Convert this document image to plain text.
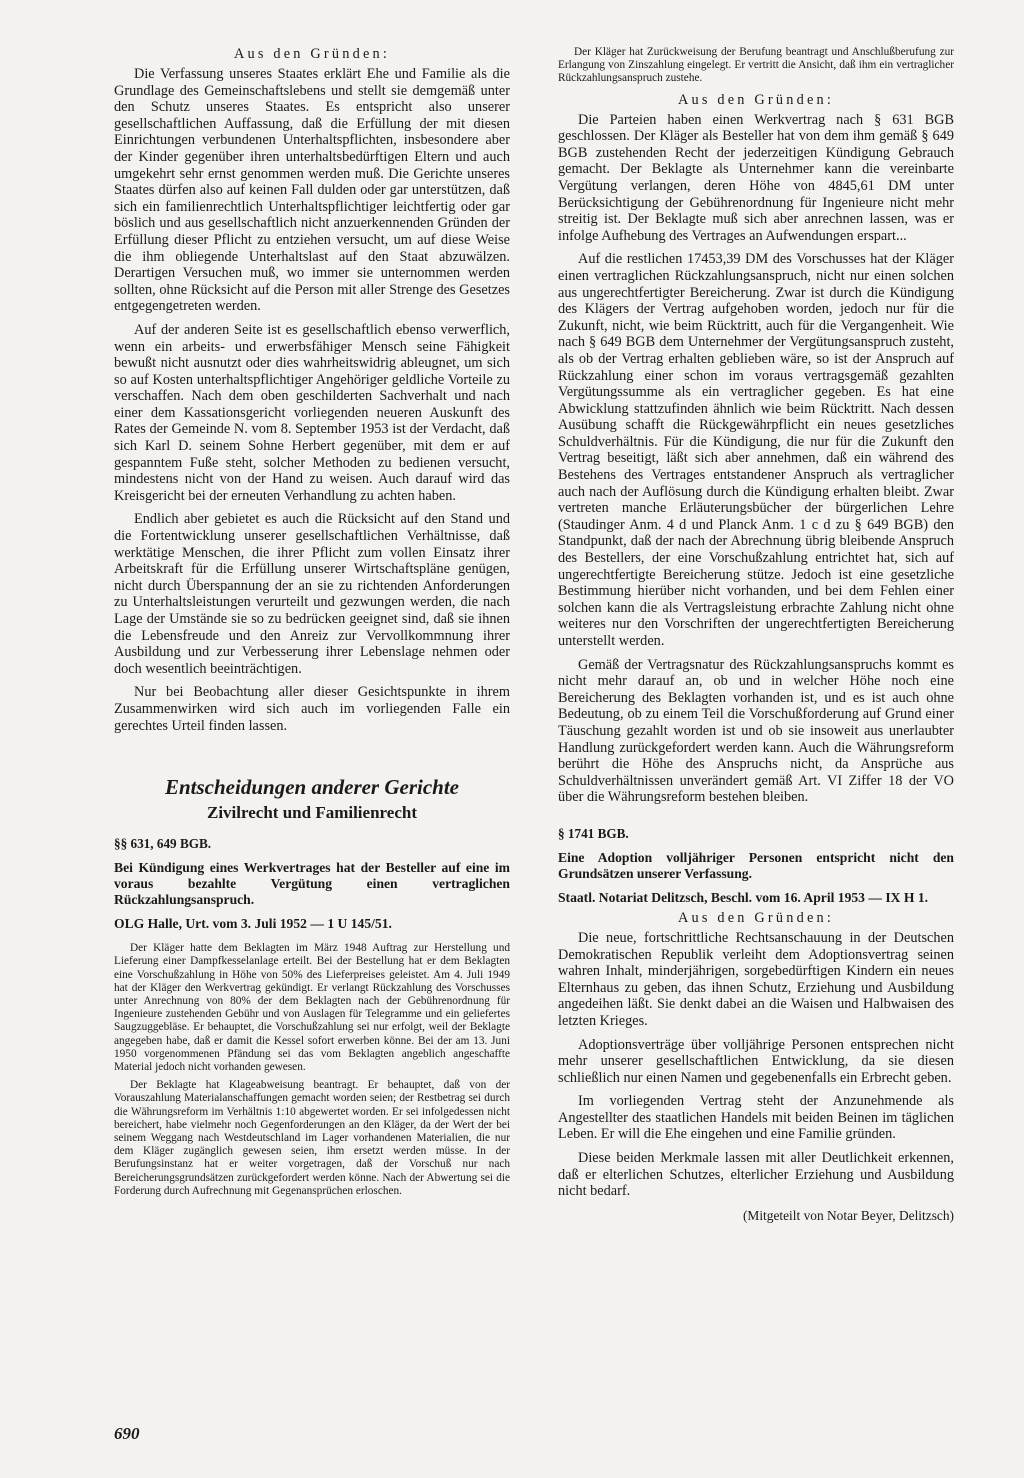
Aus den Gründen:

Die Verfassung unseres Staates erklärt Ehe und Familie als die Grundlage des Gemeinschaftslebens und stellt sie demgemäß unter den Schutz unseres Staates. Es entspricht also unserer gesellschaftlichen Auffassung, daß die Erfüllung der mit diesen Einrichtungen verbundenen Unterhaltspflichten, insbesondere aber der Kinder gegenüber ihren unterhaltsbedürftigen Eltern und auch umgekehrt sehr ernst genommen werden muß. Die Gerichte unseres Staates dürfen also auf keinen Fall dulden oder gar unterstützen, daß sich ein familienrechtlich Unterhaltspflichtiger leichtfertig oder gar böslich und aus gesellschaftlich nicht anzuerkennenden Gründen der Erfüllung dieser Pflicht zu entziehen versucht, um auf diese Weise die ihm obliegende Unterhaltslast auf den Staat abzuwälzen. Derartigen Versuchen muß, wo immer sie unternommen werden sollten, ohne Rücksicht auf die Person mit aller Strenge des Gesetzes entgegengetreten werden.

Auf der anderen Seite ist es gesellschaftlich ebenso verwerflich, wenn ein arbeits- und erwerbsfähiger Mensch seine Fähigkeit bewußt nicht ausnutzt oder dies wahrheitswidrig ableugnet, um sich so auf Kosten unterhaltspflichtiger Angehöriger geldliche Vorteile zu verschaffen. Nach dem oben geschilderten Sachverhalt und nach einer dem Kassationsgericht vorliegenden neueren Auskunft des Rates der Gemeinde N. vom 8. September 1953 ist der Verdacht, daß sich Karl D. seinem Sohne Herbert gegenüber, mit dem er auf gespanntem Fuße steht, solcher Methoden zu bedienen versucht, mindestens nicht von der Hand zu weisen. Auch darauf wird das Kreisgericht bei der erneuten Verhandlung zu achten haben.

Endlich aber gebietet es auch die Rücksicht auf den Stand und die Fortentwicklung unserer gesellschaftlichen Verhältnisse, daß werktätige Menschen, die ihrer Pflicht zum vollen Einsatz ihrer Arbeitskraft für die Erfüllung unserer Wirtschaftspläne genügen, nicht durch Überspannung der an sie zu richtenden Anforderungen zu Unterhaltsleistungen verurteilt und gezwungen werden, die nach Lage der Umstände sie so zu bedrücken geeignet sind, daß sie ihnen die Lebensfreude und den Anreiz zur Vervollkommnung ihrer Ausbildung und zur Verbesserung ihrer Lebenslage nehmen oder doch wesentlich beeinträchtigen.

Nur bei Beobachtung aller dieser Gesichtspunkte in ihrem Zusammenwirken wird sich auch im vorliegenden Falle ein gerechtes Urteil finden lassen.

Entscheidungen anderer Gerichte
Zivilrecht und Familienrecht

§§ 631, 649 BGB.

Bei Kündigung eines Werkvertrages hat der Besteller auf eine im voraus bezahlte Vergütung einen vertraglichen Rückzahlungsanspruch.

OLG Halle, Urt. vom 3. Juli 1952 — 1 U 145/51.

Der Kläger hatte dem Beklagten im März 1948 Auftrag zur Herstellung und Lieferung einer Dampfkesselanlage erteilt. Bei der Bestellung hat er dem Beklagten eine Vorschußzahlung in Höhe von 50% des Lieferpreises geleistet. Am 4. Juli 1949 hat der Kläger den Werkvertrag gekündigt. Er verlangt Rückzahlung des Vorschusses unter Anrechnung von 80% der dem Beklagten nach der Gebührenordnung für Ingenieure zustehenden Gebühr und von Auslagen für Telegramme und ein geliefertes Saugzuggebläse. Er behauptet, die Vorschußzahlung sei nur erfolgt, weil der Beklagte angegeben habe, daß er damit die Kessel sofort erwerben könne. Bei der am 13. Juni 1950 vorgenommenen Pfändung sei das vom Beklagten angeblich angeschaffte Material jedoch nicht vorhanden gewesen.

Der Beklagte hat Klageabweisung beantragt. Er behauptet, daß von der Vorauszahlung Materialanschaffungen gemacht worden seien; der Restbetrag sei durch die Währungsreform im Verhältnis 1:10 abgewertet worden. Er sei infolgedessen nicht bereichert, habe vielmehr noch Gegenforderungen an den Kläger, da der Wert der bei seinem Weggang nach Westdeutschland im Lager vorhandenen Materialien, die nur dem Kläger zugänglich gewesen seien, ihm ersetzt werden müsse. In der Berufungsinstanz hat er weiter vorgetragen, daß der Vorschuß nur nach Bereicherungsgrundsätzen zurückgefordert werden könne. Nach der Abwertung sei die Forderung durch Aufrechnung mit Gegenansprüchen erloschen.

Der Kläger hat Zurückweisung der Berufung beantragt und Anschlußberufung zur Erlangung von Zinszahlung eingelegt. Er vertritt die Ansicht, daß ihm ein vertraglicher Rückzahlungsanspruch zustehe.

Aus den Gründen:

Die Parteien haben einen Werkvertrag nach § 631 BGB geschlossen. Der Kläger als Besteller hat von dem ihm gemäß § 649 BGB zustehenden Recht der jederzeitigen Kündigung Gebrauch gemacht. Der Beklagte als Unternehmer kann die vereinbarte Vergütung verlangen, deren Höhe von 4845,61 DM unter Berücksichtigung der Gebührenordnung für Ingenieure nicht mehr streitig ist. Der Beklagte muß sich aber anrechnen lassen, was er infolge Aufhebung des Vertrages an Aufwendungen erspart...

Auf die restlichen 17453,39 DM des Vorschusses hat der Kläger einen vertraglichen Rückzahlungsanspruch, nicht nur einen solchen aus ungerechtfertigter Bereicherung. Zwar ist durch die Kündigung des Klägers der Vertrag aufgehoben worden, jedoch nur für die Zukunft, nicht, wie beim Rücktritt, auch für die Vergangenheit. Wie nach § 649 BGB dem Unternehmer der Vergütungsanspruch zusteht, als ob der Vertrag erhalten geblieben wäre, so ist der Anspruch auf Rückzahlung einer schon im voraus vertragsgemäß gezahlten Vergütungssumme als ein vertraglicher gegeben. Es hat eine Abwicklung stattzufinden ähnlich wie beim Rücktritt. Nach dessen Ausübung schafft die Rückgewährpflicht ein neues gesetzliches Schuldverhältnis. Für die Kündigung, die nur für die Zukunft den Vertrag beseitigt, läßt sich aber annehmen, daß ein während des Bestehens des Vertrages entstandener Anspruch als vertraglicher auch nach der Auflösung durch die Kündigung erhalten bleibt. Zwar vertreten manche Erläuterungsbücher der bürgerlichen Lehre (Staudinger Anm. 4 d und Planck Anm. 1 c d zu § 649 BGB) den Standpunkt, daß der nach der Abrechnung übrig bleibende Anspruch des Bestellers, der eine Vorschußzahlung entrichtet hat, sich auf ungerechtfertigte Bereicherung stütze. Jedoch ist eine gesetzliche Bestimmung hierüber nicht vorhanden, und bei dem Fehlen einer solchen kann die als Vertragsleistung erbrachte Zahlung nicht ohne weiteres nur den Vorschriften der ungerechtfertigten Bereicherung unterstellt werden.

Gemäß der Vertragsnatur des Rückzahlungsanspruchs kommt es nicht mehr darauf an, ob und in welcher Höhe noch eine Bereicherung des Beklagten vorhanden ist, und es ist auch ohne Bedeutung, ob zu einem Teil die Vorschußforderung auf Grund einer Täuschung gezahlt worden ist und ob sie insoweit aus unerlaubter Handlung zurückgefordert werden kann. Auch die Währungsreform berührt die Höhe des Anspruchs nicht, da Ansprüche aus Schuldverhältnissen unverändert gemäß Art. VI Ziffer 18 der VO über die Währungsreform bestehen bleiben.

§ 1741 BGB.

Eine Adoption volljähriger Personen entspricht nicht den Grundsätzen unserer Verfassung.

Staatl. Notariat Delitzsch, Beschl. vom 16. April 1953 — IX H 1.

Aus den Gründen:

Die neue, fortschrittliche Rechtsanschauung in der Deutschen Demokratischen Republik verleiht dem Adoptionsvertrag seinen wahren Inhalt, minderjährigen, sorgebedürftigen Kindern ein neues Elternhaus zu geben, das ihnen Schutz, Erziehung und Ausbildung angedeihen läßt. Sie denkt dabei an die Waisen und Halbwaisen des letzten Krieges.

Adoptionsverträge über volljährige Personen entsprechen nicht mehr unserer gesellschaftlichen Entwicklung, da sie diesen schließlich nur einen Namen und gegebenenfalls ein Erbrecht geben.

Im vorliegenden Vertrag steht der Anzunehmende als Angestellter des staatlichen Handels mit beiden Beinen im täglichen Leben. Er will die Ehe eingehen und eine Familie gründen.

Diese beiden Merkmale lassen mit aller Deutlichkeit erkennen, daß er elterlichen Schutzes, elterlicher Erziehung und Ausbildung nicht bedarf.

(Mitgeteilt von Notar Beyer, Delitzsch)

690
